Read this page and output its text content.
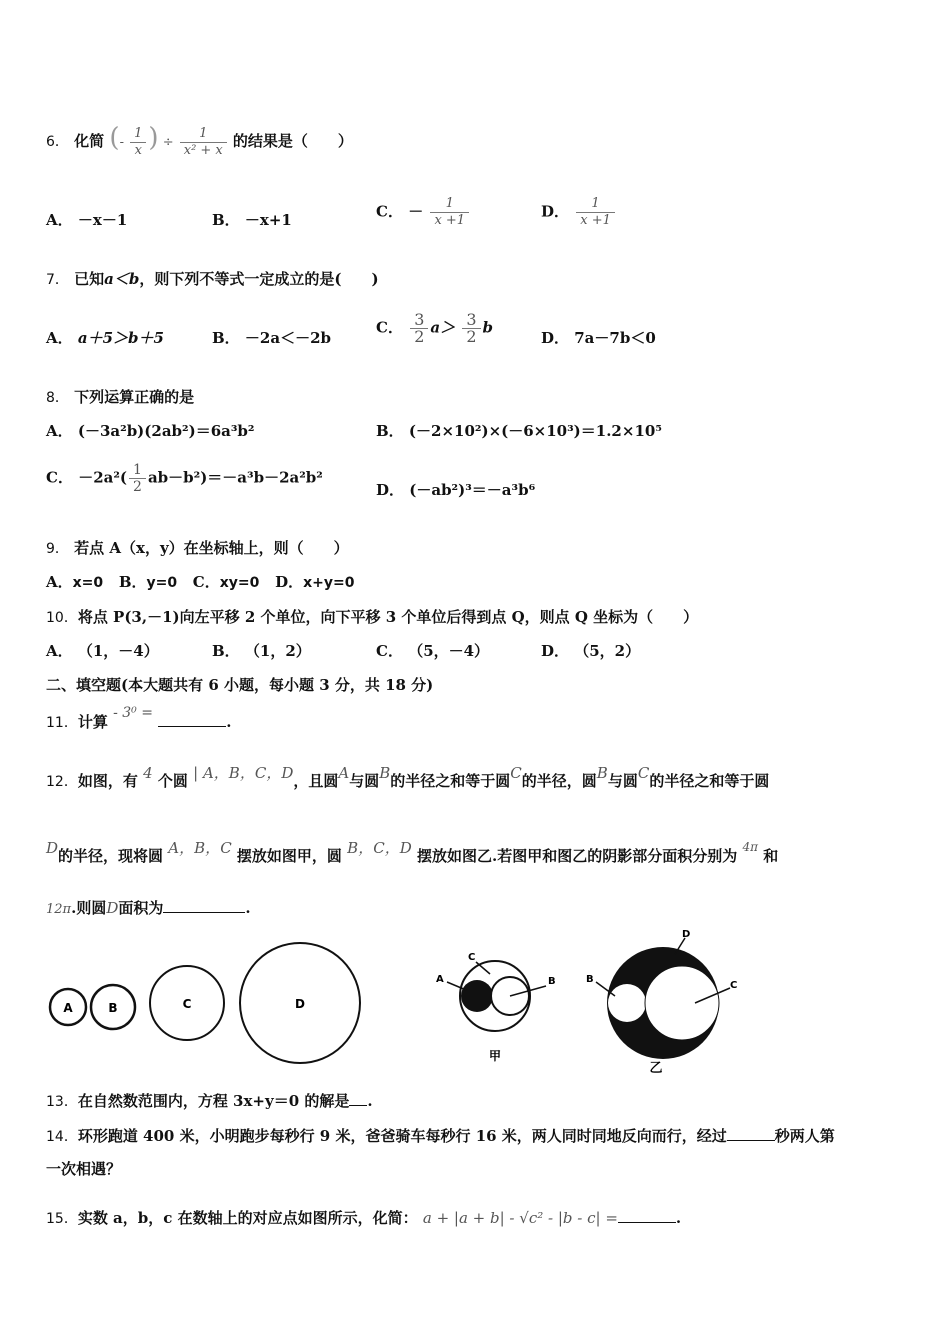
6． 化简 (- $\frac{1}{x}$ ) ÷ $\frac{1}{\text{x² + x}}$ 的结果是（　　）
A． －x－1	B． －x+1	C． － $\frac{1}{x +1}$	D． $\frac{1}{x +1}$
7． 已知a＜b，则下列不等式一定成立的是(　　)
A． a＋5＞b＋5	B． －2a＜－2b
C． $\frac{3}{2} a> \frac{3}{2}$ b
D． 7a－7b＜0
8． 下列运算正确的是
A． (－3a²b)(2ab²)＝6a³b²	B． (－2×10²)×(－6×10³)＝1.2×10⁵
C． $-2a^2( \frac{1}{2} ab-b^2)=-a^3b-2a^2b^2$
D． (－ab²)³＝－a³b⁶
9． 若点 A（x，y）在坐标轴上，则（　　）
A．x=0 B．y=0 C．xy=0 D．x+y=0
10．将点 P(3,－1)向左平移 2 个单位，向下平移 3 个单位后得到点 Q，则点 Q 坐标为（　　）
A． （1，－4）	B． （1，2）	C． （5，－4）	D． （5，2）
二、填空题(本大题共有 6 小题，每小题 3 分，共 18 分)
11．计算 - 3⁰ =	.
12．如图，有 4 个圆 | A，B，C，D，且圆A与圆B的半径之和等于圆C的半径，圆B与圆C的半径之和等于圆
D的半径，现将圆 A，B，C 摆放如图甲，圆 B，C，D 摆放如图乙.若图甲和图乙的阴影部分面积分别为 $^{4\pi}$ 和
12π.则圆D面积为	.
A	B	C	D
C
A	B
甲
D
B
C
乙
13．在自然数范围内，方程 3x+y＝0 的解是 .
14．环形跑道 400 米，小明跑步每秒行 9 米，爸爸骑车每秒行 16 米，两人同时同地反向而行，经过	秒两人第
一次相遇？
15．实数 a，b，c 在数轴上的对应点如图所示，化简： a + |a + b| - √c² - |b - c| =	.
